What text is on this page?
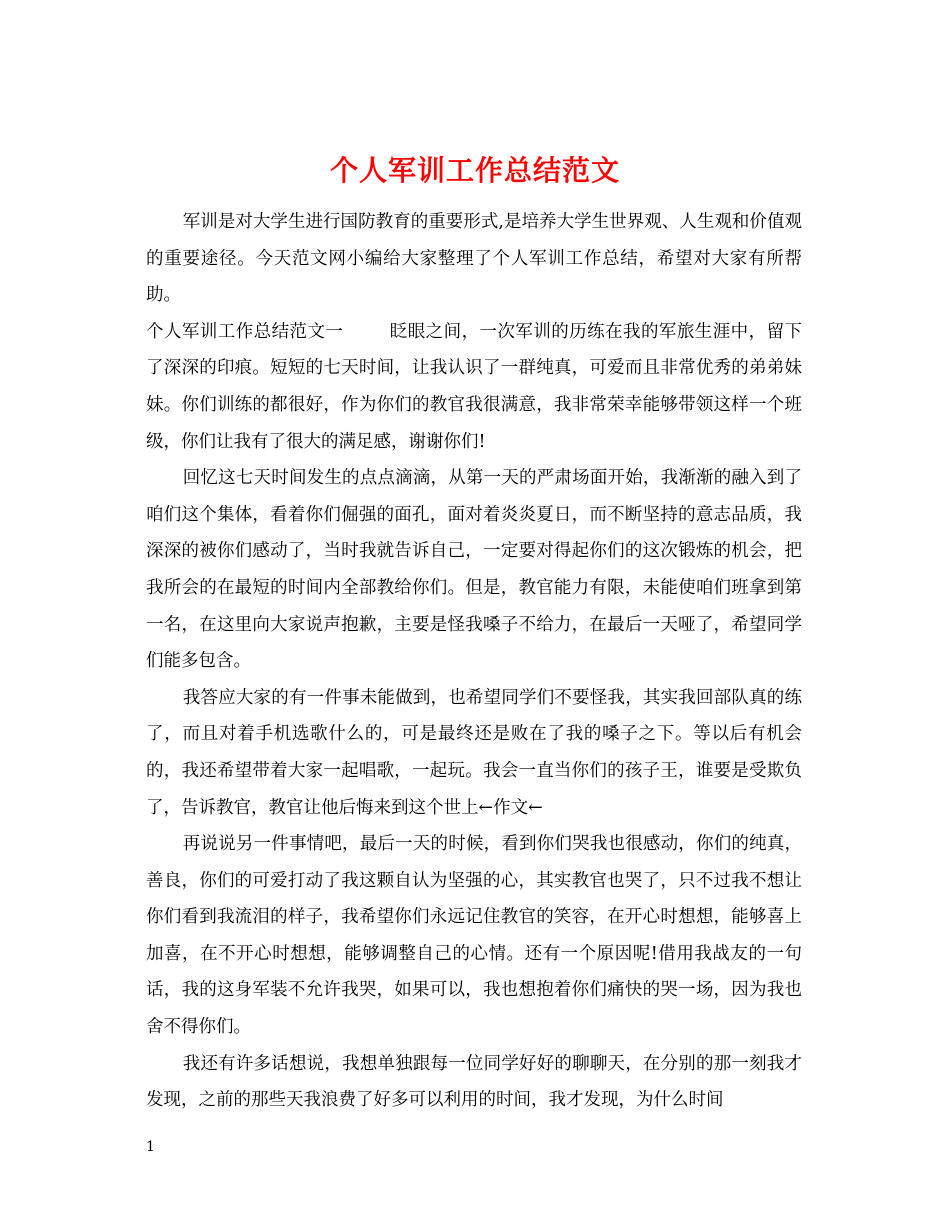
个人军训工作总结范文

军训是对大学生进行国防教育的重要形式,是培养大学生世界观、人生观和价值观的重要途径。今天范文网小编给大家整理了个人军训工作总结，希望对大家有所帮助。

个人军训工作总结范文一	眨眼之间，一次军训的历练在我的军旅生涯中，留下了深深的印痕。短短的七天时间，让我认识了一群纯真，可爱而且非常优秀的弟弟妹妹。你们训练的都很好，作为你们的教官我很满意，我非常荣幸能够带领这样一个班级，你们让我有了很大的满足感，谢谢你们!

回忆这七天时间发生的点点滴滴，从第一天的严肃场面开始，我渐渐的融入到了咱们这个集体，看着你们倔强的面孔，面对着炎炎夏日，而不断坚持的意志品质，我深深的被你们感动了，当时我就告诉自己，一定要对得起你们的这次锻炼的机会，把我所会的在最短的时间内全部教给你们。但是，教官能力有限，未能使咱们班拿到第一名，在这里向大家说声抱歉，主要是怪我嗓子不给力，在最后一天哑了，希望同学们能多包含。

我答应大家的有一件事未能做到，也希望同学们不要怪我，其实我回部队真的练了，而且对着手机选歌什么的，可是最终还是败在了我的嗓子之下。等以后有机会的，我还希望带着大家一起唱歌，一起玩。我会一直当你们的孩子王，谁要是受欺负了，告诉教官，教官让他后悔来到这个世上←作文←

再说说另一件事情吧，最后一天的时候，看到你们哭我也很感动，你们的纯真，善良，你们的可爱打动了我这颗自认为坚强的心，其实教官也哭了，只不过我不想让你们看到我流泪的样子，我希望你们永远记住教官的笑容，在开心时想想，能够喜上加喜，在不开心时想想，能够调整自己的心情。还有一个原因呢!借用我战友的一句话，我的这身军装不允许我哭，如果可以，我也想抱着你们痛快的哭一场，因为我也舍不得你们。

我还有许多话想说，我想单独跟每一位同学好好的聊聊天，在分别的那一刻我才发现，之前的那些天我浪费了好多可以利用的时间，我才发现，为什么时间

1
